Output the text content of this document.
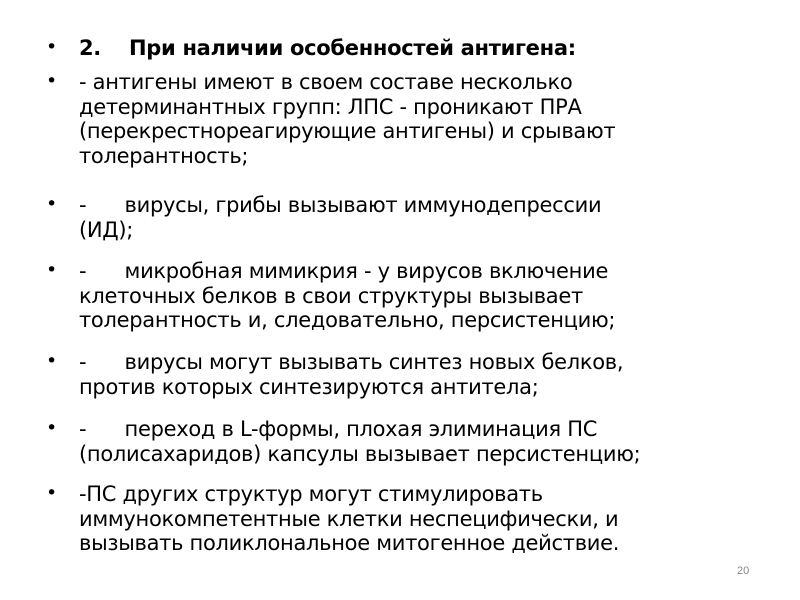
• 2.    При наличии особенностей антигена:
• - антигены имеют в своем составе несколько
детерминантных групп: ЛПС - проникают ПРА
(перекрестнореагирующие антигены) и срывают
толерантность;
• -      вирусы, грибы вызывают иммунодепрессии
(ИД);
• -      микробная мимикрия - у вирусов включение
клеточных белков в свои структуры вызывает
толерантность и, следовательно, персистенцию;
• -      вирусы могут вызывать синтез новых белков,
против которых синтезируются антитела;
• -      переход в L-формы, плохая элиминация ПС
(полисахаридов) капсулы вызывает персистенцию;
• -ПС других структур могут стимулировать
иммунокомпетентные клетки неспецифически, и
вызывать поликлональное митогенное действие.
20
